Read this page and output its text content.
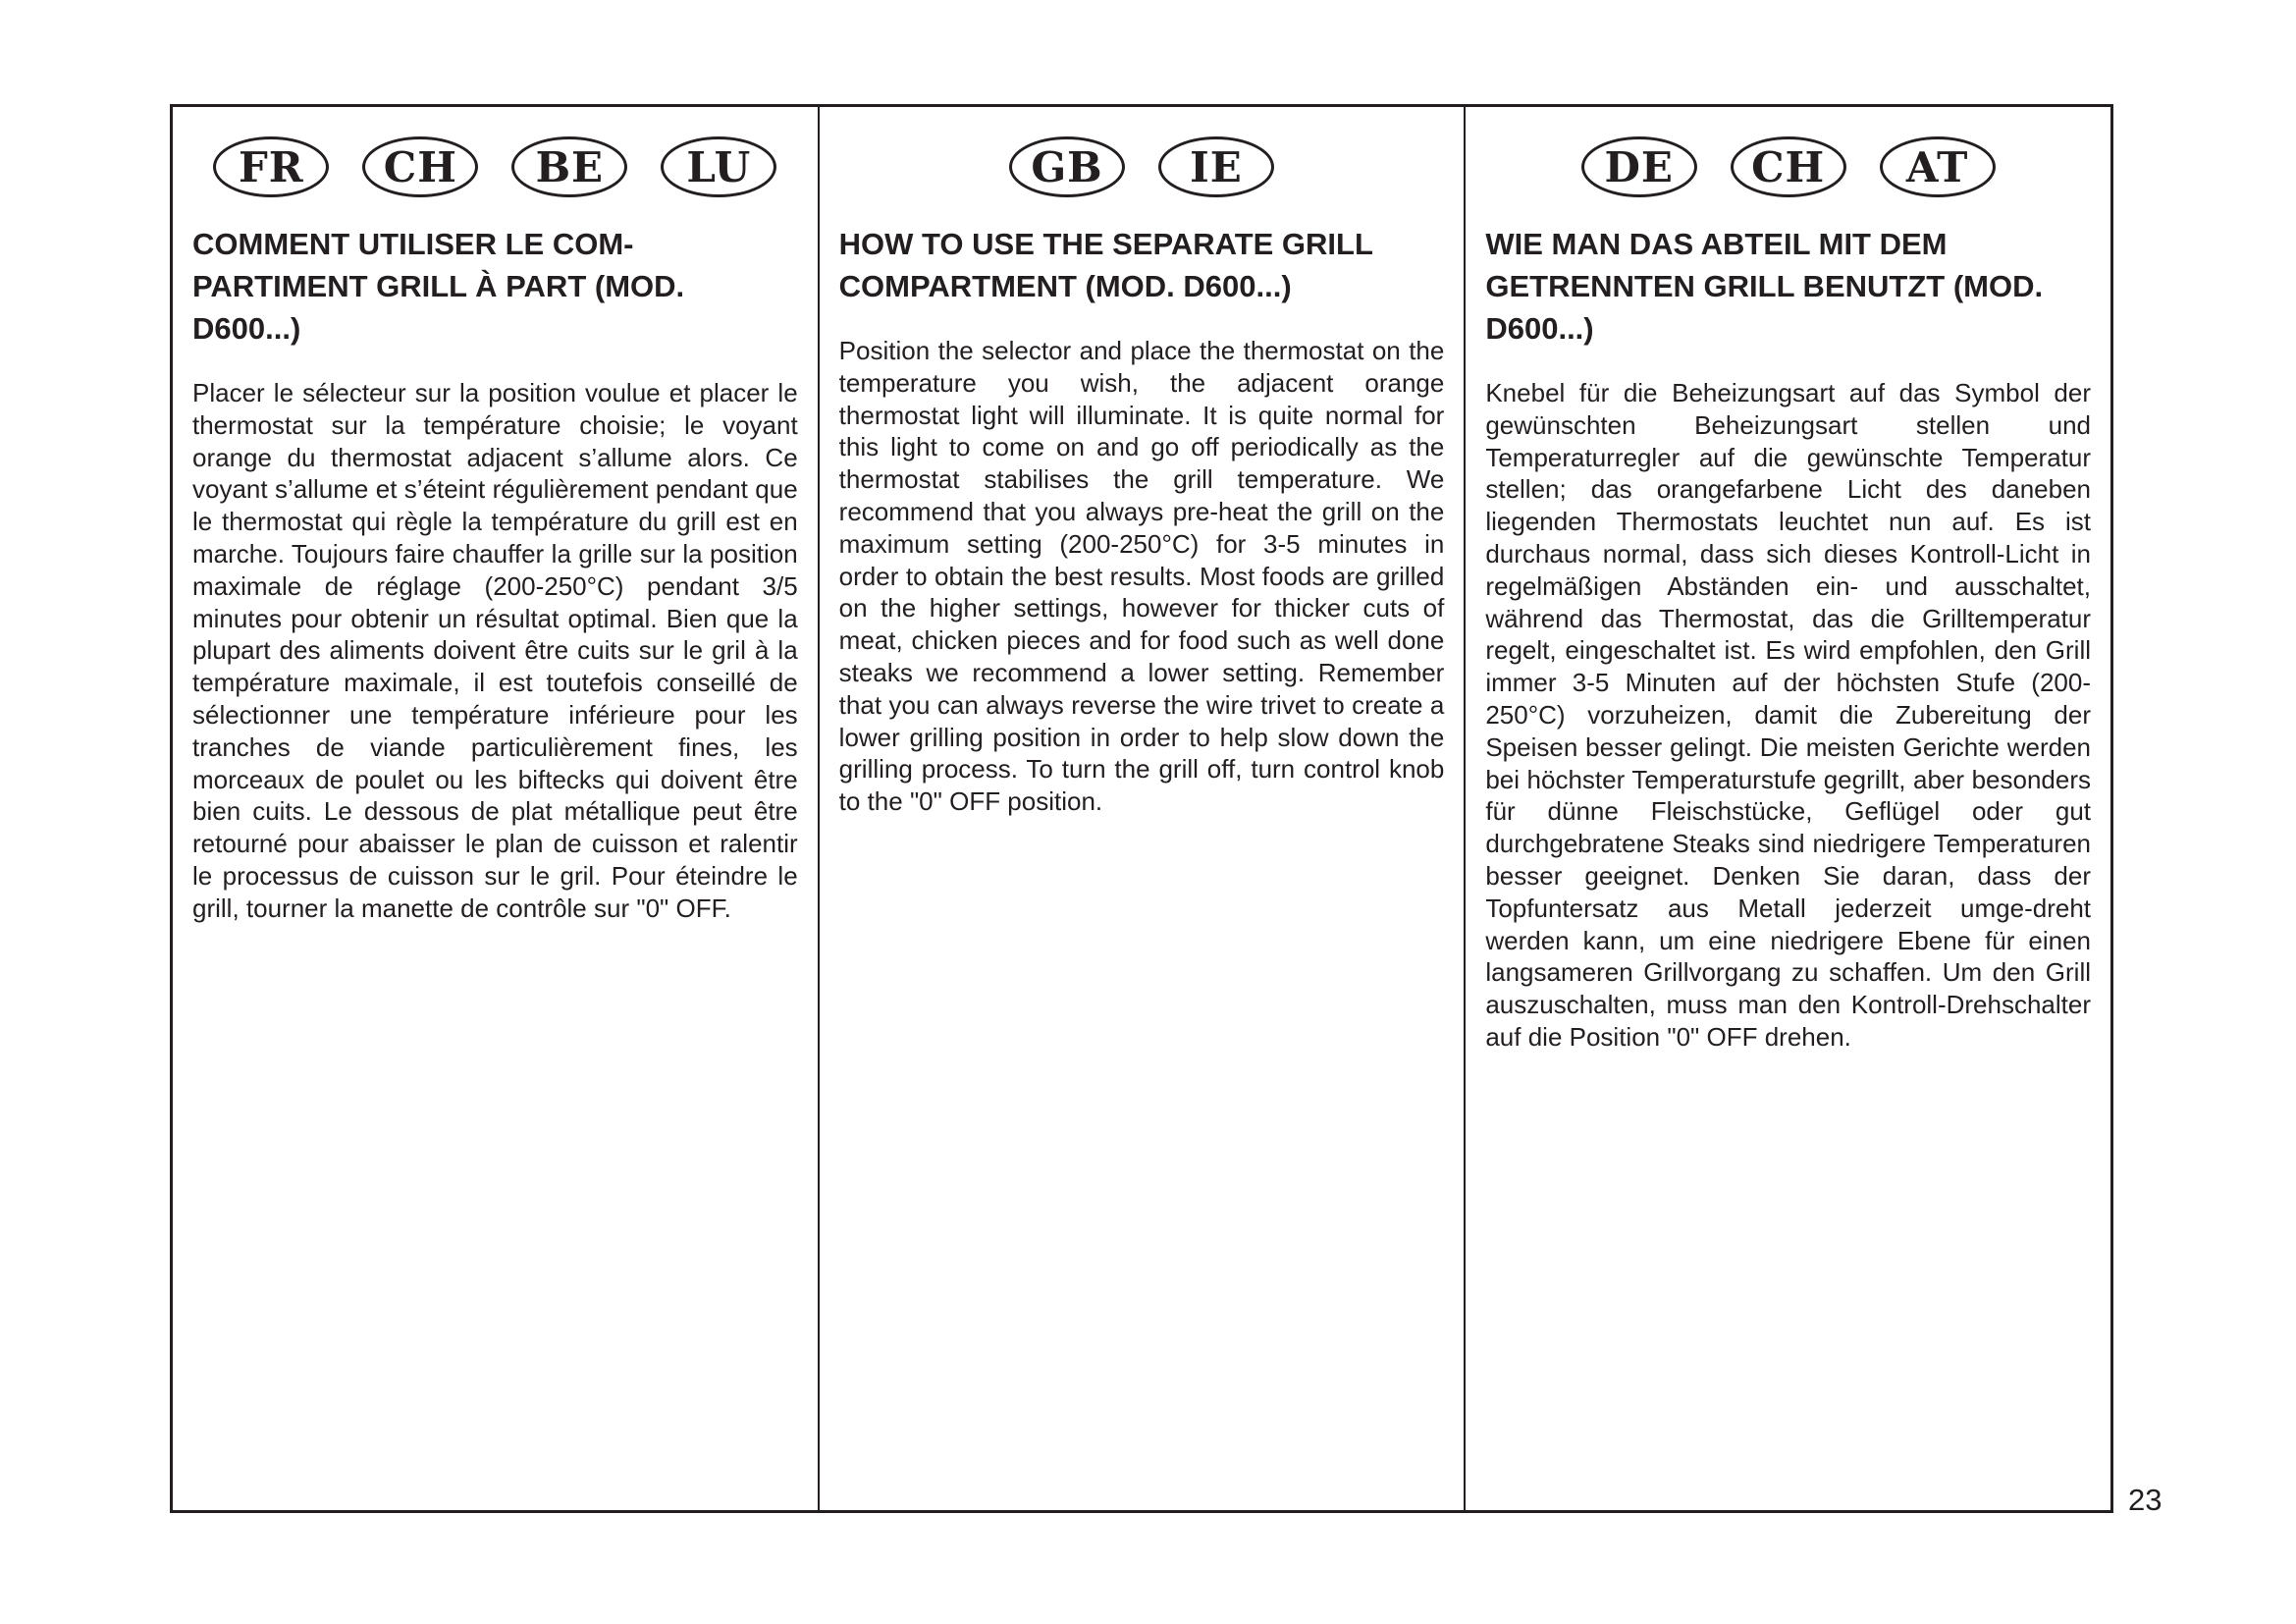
FR	CH	BE	LU
COMMENT UTILISER LE COM-PARTIMENT GRILL À PART (MOD. D600...)

Placer le sélecteur sur la position voulue et placer le thermostat sur la température choisie; le voyant orange du thermostat adjacent s’allume alors. Ce voyant s’allume et s’éteint régulièrement pendant que le thermostat qui règle la température du grill est en marche. Toujours faire chauffer la grille sur la position maximale de réglage (200-250°C) pendant 3/5 minutes pour obtenir un résultat optimal. Bien que la plupart des aliments doivent être cuits sur le gril à la température maximale, il est toutefois conseillé de sélectionner une température inférieure pour les tranches de viande particulièrement fines, les morceaux de poulet ou les biftecks qui doivent être bien cuits. Le dessous de plat métallique peut être retourné pour abaisser le plan de cuisson et ralentir le processus de cuisson sur le gril. Pour éteindre le grill, tourner la manette de contrôle sur "0" OFF.

GB	IE
HOW TO USE THE SEPARATE GRILL COMPARTMENT (MOD. D600...)

Position the selector and place the thermostat on the temperature you wish, the adjacent orange thermostat light will illuminate. It is quite normal for this light to come on and go off periodically as the thermostat stabilises the grill temperature. We recommend that you always pre-heat the grill on the maximum setting (200-250°C) for 3-5 minutes in order to obtain the best results. Most foods are grilled on the higher settings, however for thicker cuts of meat, chicken pieces and for food such as well done steaks we recommend a lower setting. Remember that you can always reverse the wire trivet to create a lower grilling position in order to help slow down the grilling process. To turn the grill off, turn control knob to the "0" OFF position.

DE	CH	AT
WIE MAN DAS ABTEIL MIT DEM GETRENNTEN GRILL BENUTZT (MOD. D600...)

Knebel für die Beheizungsart auf das Symbol der gewünschten Beheizungsart stellen und Temperaturregler auf die gewünschte Temperatur stellen; das orangefarbene Licht des daneben liegenden Thermostats leuchtet nun auf. Es ist durchaus normal, dass sich dieses Kontroll-Licht in regelmäßigen Abständen ein- und ausschaltet, während das Thermostat, das die Grilltemperatur regelt, eingeschaltet ist. Es wird empfohlen, den Grill immer 3-5 Minuten auf der höchsten Stufe (200-250°C) vorzuheizen, damit die Zubereitung der Speisen besser gelingt. Die meisten Gerichte werden bei höchster Temperaturstufe gegrillt, aber besonders für dünne Fleischstücke, Geflügel oder gut durchgebratene Steaks sind niedrigere Temperaturen besser geeignet. Denken Sie daran, dass der Topfuntersatz aus Metall jederzeit umge-dreht werden kann, um eine niedrigere Ebene für einen langsameren Grillvorgang zu schaffen. Um den Grill auszuschalten, muss man den Kontroll-Drehschalter auf die Position "0" OFF drehen.

23
